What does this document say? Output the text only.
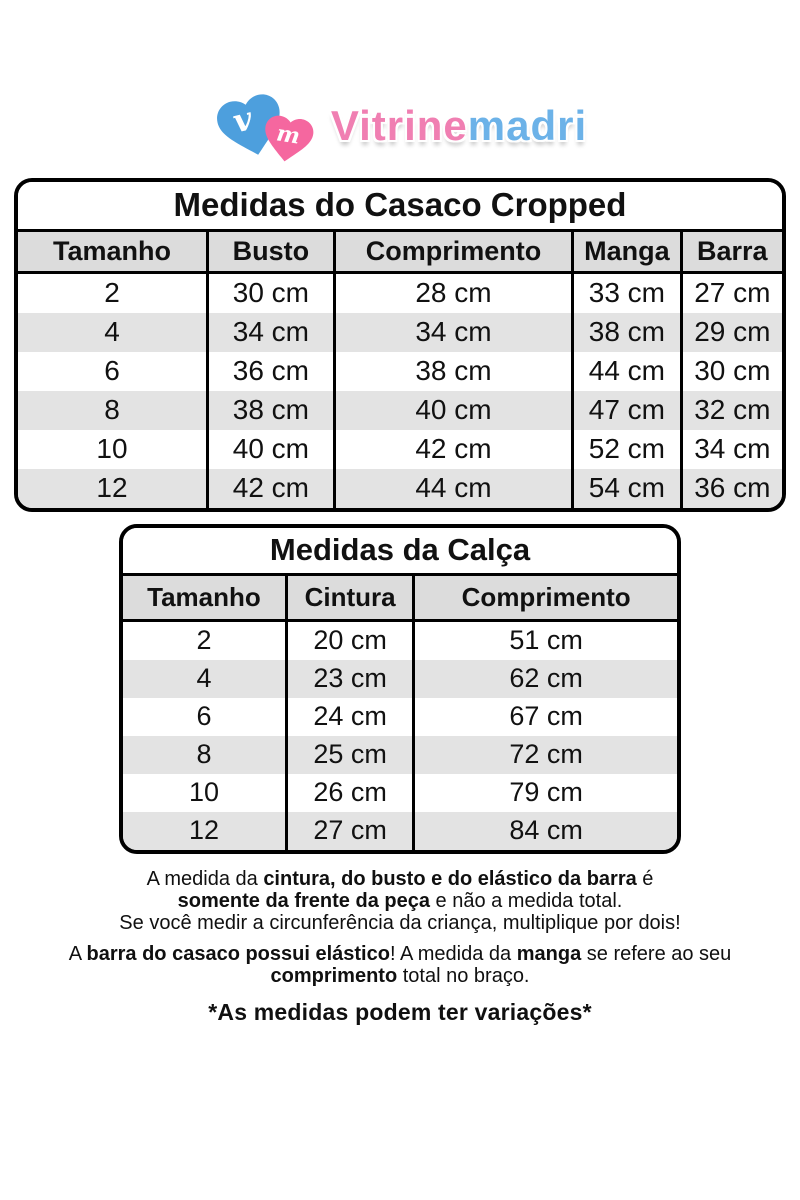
v m Vitrinemadri
Medidas do Casaco Cropped
Tamanho	Busto	Comprimento	Manga	Barra
2	30 cm	28 cm	33 cm	27 cm
4	34 cm	34 cm	38 cm	29 cm
6	36 cm	38 cm	44 cm	30 cm
8	38 cm	40 cm	47 cm	32 cm
10	40 cm	42 cm	52 cm	34 cm
12	42 cm	44 cm	54 cm	36 cm
Medidas da Calça
Tamanho	Cintura	Comprimento
2	20 cm	51 cm
4	23 cm	62 cm
6	24 cm	67 cm
8	25 cm	72 cm
10	26 cm	79 cm
12	27 cm	84 cm
A medida da cintura, do busto e do elástico da barra é
somente da frente da peça e não a medida total.
Se você medir a circunferência da criança, multiplique por dois!
A barra do casaco possui elástico! A medida da manga se refere ao seu
comprimento total no braço.
*As medidas podem ter variações*
